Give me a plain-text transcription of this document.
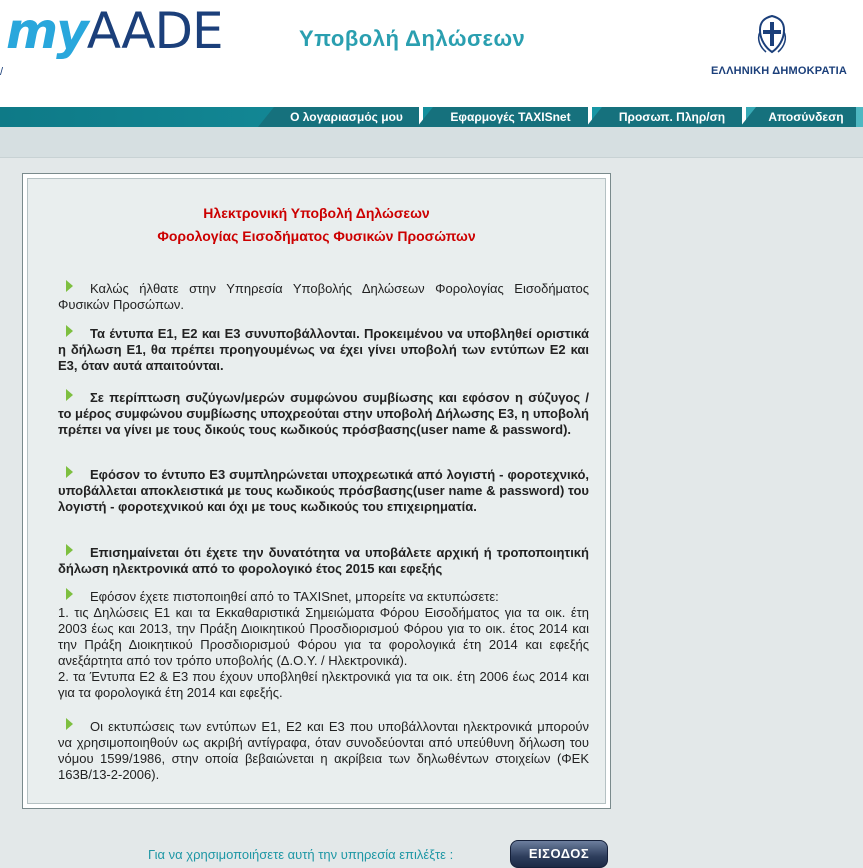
myAADE
/
Υποβολή Δηλώσεων
ΕΛΛΗΝΙΚΗ ΔΗΜΟΚΡΑΤΙΑ
Ο λογαριασμός μου	Εφαρμογές TAXISnet	Προσωπ. Πληρ/ση	Αποσύνδεση
Ηλεκτρονική Υποβολή Δηλώσεων
Φορολογίας Εισοδήματος Φυσικών Προσώπων
Καλώς ήλθατε στην Υπηρεσία Υποβολής Δηλώσεων Φορολογίας Εισοδήματος Φυσικών Προσώπων.
Τα έντυπα Ε1, Ε2 και Ε3 συνυποβάλλονται. Προκειμένου να υποβληθεί οριστικά η δήλωση Ε1, θα πρέπει προηγουμένως να έχει γίνει υποβολή των εντύπων Ε2 και Ε3, όταν αυτά απαιτούνται.
Σε περίπτωση συζύγων/μερών συμφώνου συμβίωσης και εφόσον η σύζυγος / το μέρος συμφώνου συμβίωσης υποχρεούται στην υποβολή Δήλωσης Ε3, η υποβολή πρέπει να γίνει με τους δικούς τους κωδικούς πρόσβασης(user name & password).
Εφόσον το έντυπο Ε3 συμπληρώνεται υποχρεωτικά από λογιστή - φοροτεχνικό, υποβάλλεται αποκλειστικά με τους κωδικούς πρόσβασης(user name & password) του λογιστή - φοροτεχνικού και όχι με τους κωδικούς του επιχειρηματία.
Επισημαίνεται ότι έχετε την δυνατότητα να υποβάλετε αρχική ή τροποποιητική δήλωση ηλεκτρονικά από το φορολογικό έτος 2015 και εφεξής
Εφόσον έχετε πιστοποιηθεί από το TAXISnet, μπορείτε να εκτυπώσετε:
1. τις Δηλώσεις Ε1 και τα Εκκαθαριστικά Σημειώματα Φόρου Εισοδήματος για τα οικ. έτη 2003 έως και 2013, την Πράξη Διοικητικού Προσδιορισμού Φόρου για το οικ. έτος 2014 και την Πράξη Διοικητικού Προσδιορισμού Φόρου για τα φορολογικά έτη 2014 και εφεξής ανεξάρτητα από τον τρόπο υποβολής (Δ.Ο.Υ. / Ηλεκτρονικά).
2. τα Έντυπα Ε2 & Ε3 που έχουν υποβληθεί ηλεκτρονικά για τα οικ. έτη 2006 έως 2014 και για τα φορολογικά έτη 2014 και εφεξής.
Οι εκτυπώσεις των εντύπων Ε1, Ε2 και Ε3 που υποβάλλονται ηλεκτρονικά μπορούν να χρησιμοποιηθούν ως ακριβή αντίγραφα, όταν συνοδεύονται από υπεύθυνη δήλωση του νόμου 1599/1986, στην οποία βεβαιώνεται η ακρίβεια των δηλωθέντων στοιχείων (ΦΕΚ 163Β/13-2-2006).
Για να χρησιμοποιήσετε αυτή την υπηρεσία επιλέξτε :	ΕΙΣΟΔΟΣ
